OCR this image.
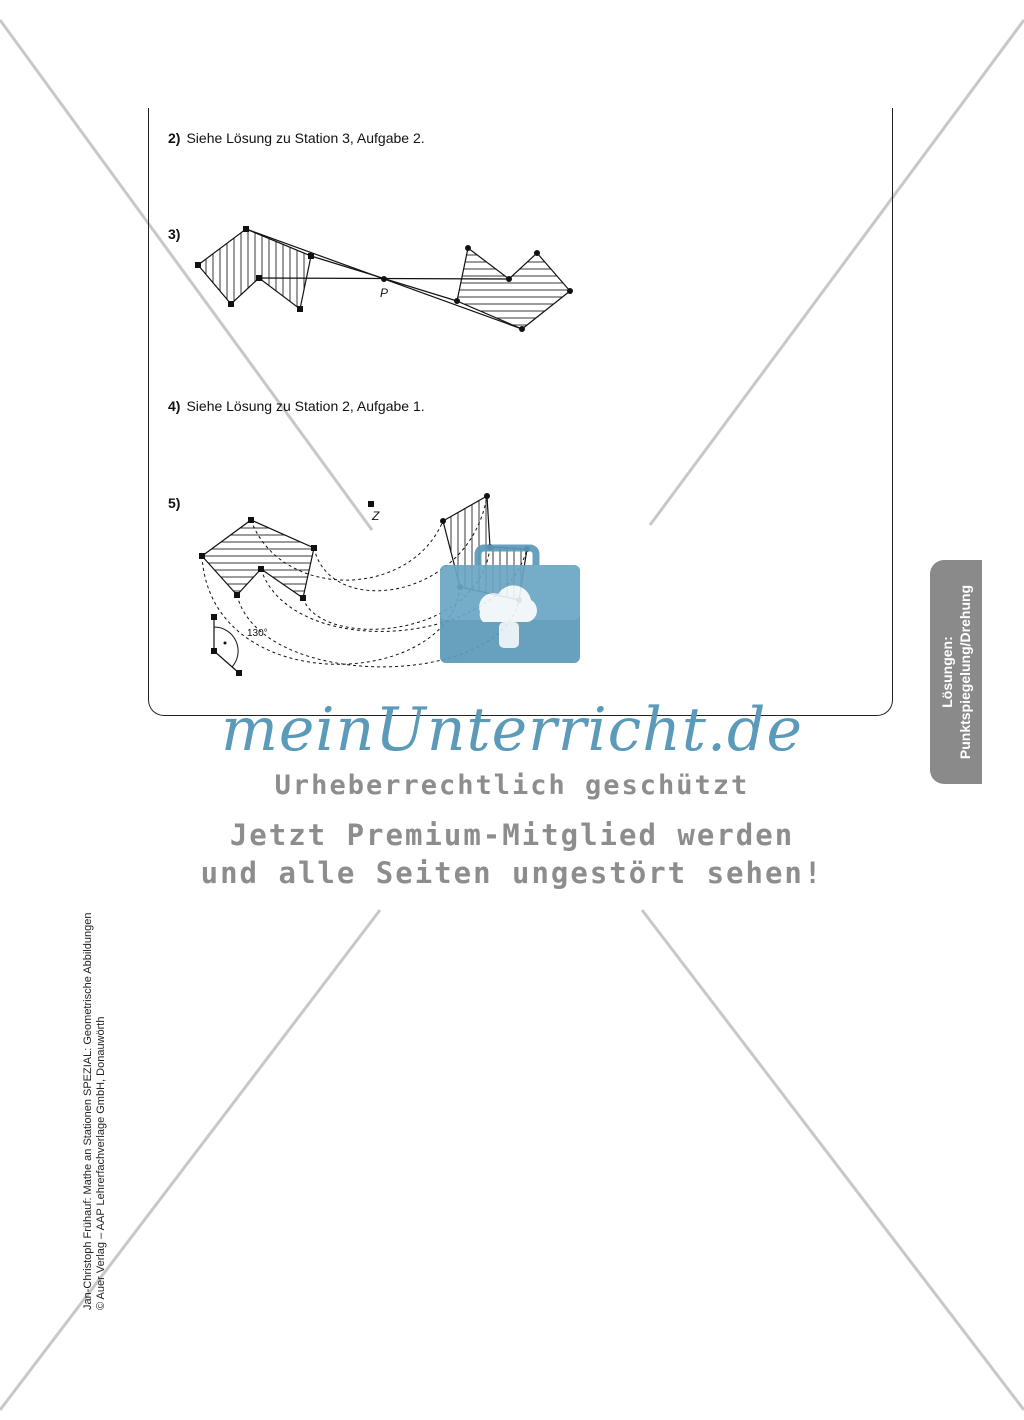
2) Siehe Lösung zu Station 3, Aufgabe 2.
3)
4) Siehe Lösung zu Station 2, Aufgabe 1.
5)
P
Z
130°
Lösungen: Punktspiegelung/Drehung
Jan-Christoph Frühauf: Mathe an Stationen SPEZIAL: Geometrische Abbildungen © Auer Verlag – AAP Lehrerfachverlage GmbH, Donauwörth
meinUnterricht.de
Urheberrechtlich geschützt
Jetzt Premium-Mitglied werden
und alle Seiten ungestört sehen!
